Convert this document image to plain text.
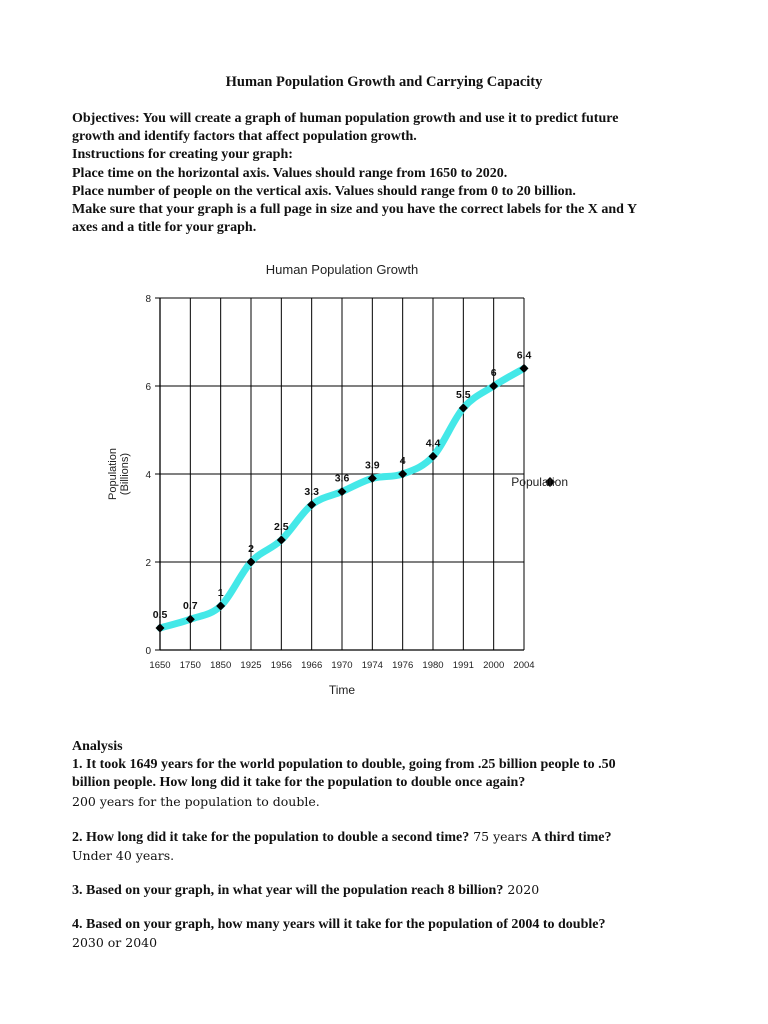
Human Population Growth and Carrying Capacity
Objectives: You will create a graph of human population growth and use it to predict future
growth and identify factors that affect population growth.
Instructions for creating your graph:
Place time on the horizontal axis. Values should range from 1650 to 2020.
Place number of people on the vertical axis. Values should range from 0 to 20 billion.
Make sure that your graph is a full page in size and you have the correct labels for the X and Y
axes and a title for your graph.
Human Population Growth
0
2
4
6
8
1650 1750 1850 1925 1956 1966 1970 1974 1976 1980 1991 2000 2004
Time
Population(Billions)
0.5
0.7
1
2
2.5
3.3
3.6
3.9 4
4.4
5.5
6
6.4
Population
Analysis
1. It took 1649 years for the world population to double, going from .25 billion people to .50
billion people. How long did it take for the population to double once again?
200 years for the population to double.
2. How long did it take for the population to double a second time? 75 years A third time?
Under 40 years.
3. Based on your graph, in what year will the population reach 8 billion? 2020
4. Based on your graph, how many years will it take for the population of 2004 to double?
2030 or 2040
